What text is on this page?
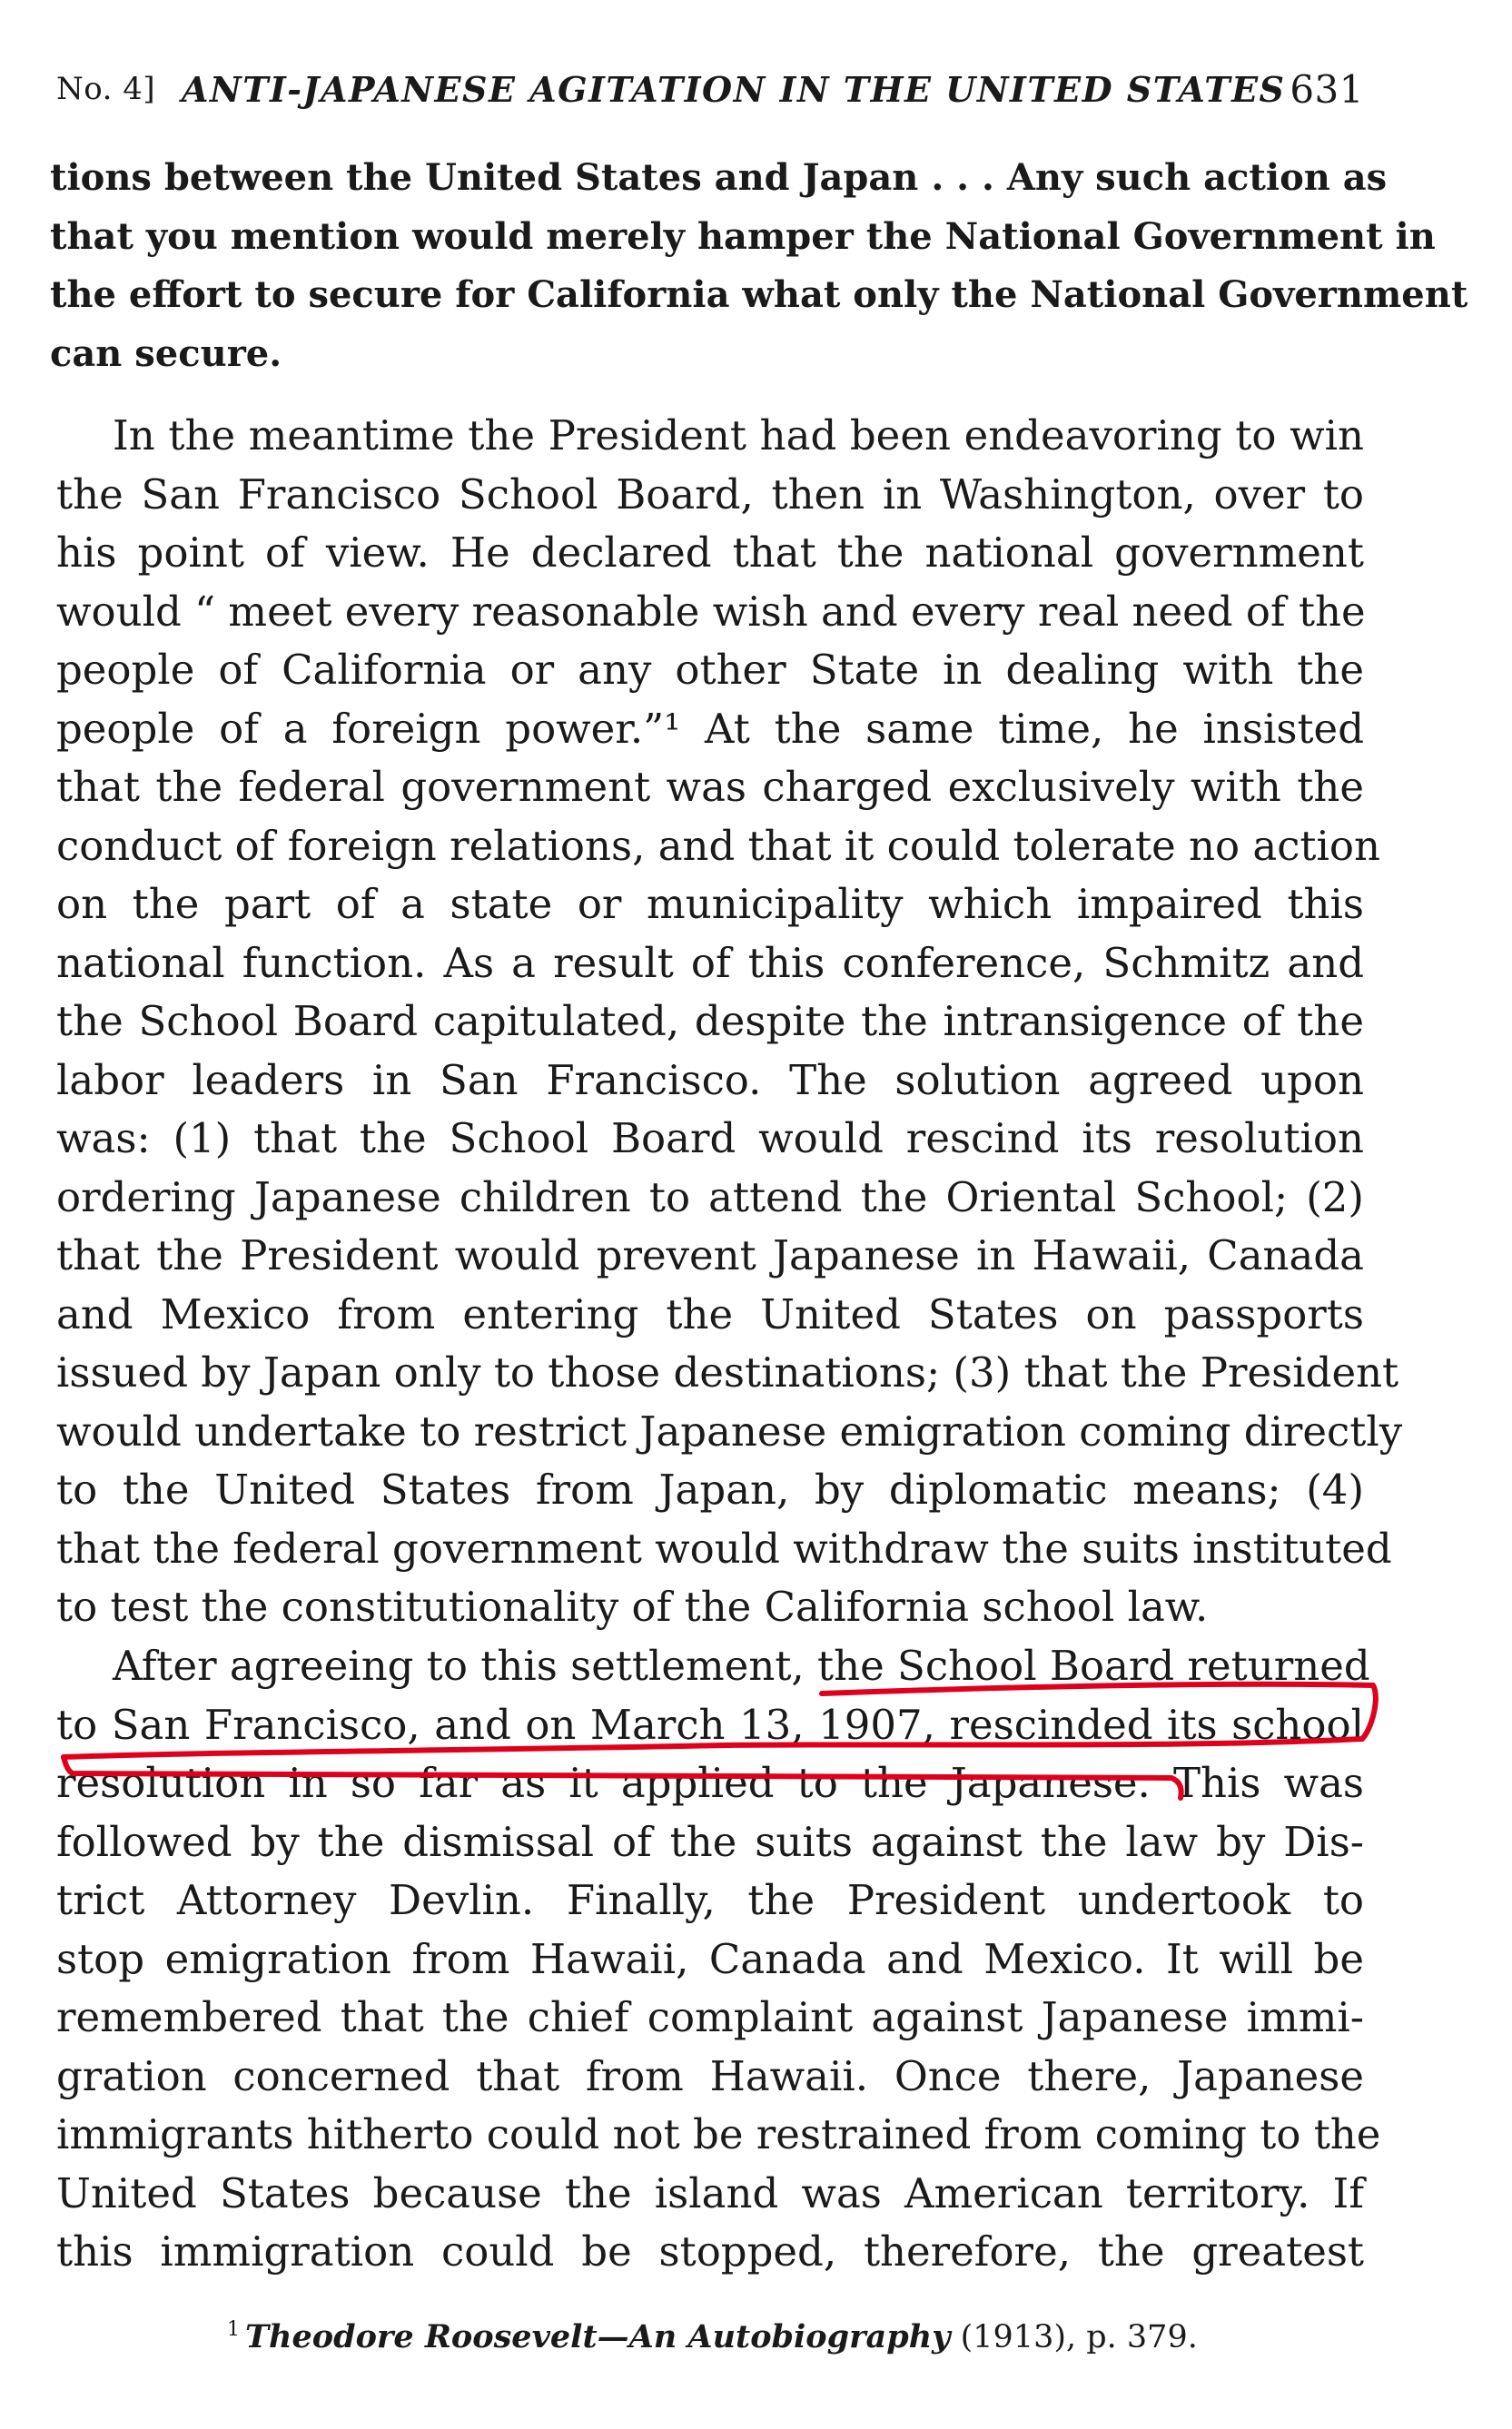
No. 4] ANTI-JAPANESE AGITATION IN THE UNITED STATES 631
tions between the United States and Japan . . . Any such action as
that you mention would merely hamper the National Government in
the effort to secure for California what only the National Government
can secure.
In the meantime the President had been endeavoring to win
the San Francisco School Board, then in Washington, over to
his point of view. He declared that the national government
would “ meet every reasonable wish and every real need of the
people of California or any other State in dealing with the
people of a foreign power.”¹ At the same time, he insisted
that the federal government was charged exclusively with the
conduct of foreign relations, and that it could tolerate no action
on the part of a state or municipality which impaired this
national function. As a result of this conference, Schmitz and
the School Board capitulated, despite the intransigence of the
labor leaders in San Francisco. The solution agreed upon
was: (1) that the School Board would rescind its resolution
ordering Japanese children to attend the Oriental School; (2)
that the President would prevent Japanese in Hawaii, Canada
and Mexico from entering the United States on passports
issued by Japan only to those destinations; (3) that the President
would undertake to restrict Japanese emigration coming directly
to the United States from Japan, by diplomatic means; (4)
that the federal government would withdraw the suits instituted
to test the constitutionality of the California school law.
After agreeing to this settlement, the School Board returned
to San Francisco, and on March 13, 1907, rescinded its school
resolution in so far as it applied to the Japanese. This was
followed by the dismissal of the suits against the law by Dis-
trict Attorney Devlin. Finally, the President undertook to
stop emigration from Hawaii, Canada and Mexico. It will be
remembered that the chief complaint against Japanese immi-
gration concerned that from Hawaii. Once there, Japanese
immigrants hitherto could not be restrained from coming to the
United States because the island was American territory. If
this immigration could be stopped, therefore, the greatest
$^1$ Theodore Roosevelt—An Autobiography (1913), p. 379.
